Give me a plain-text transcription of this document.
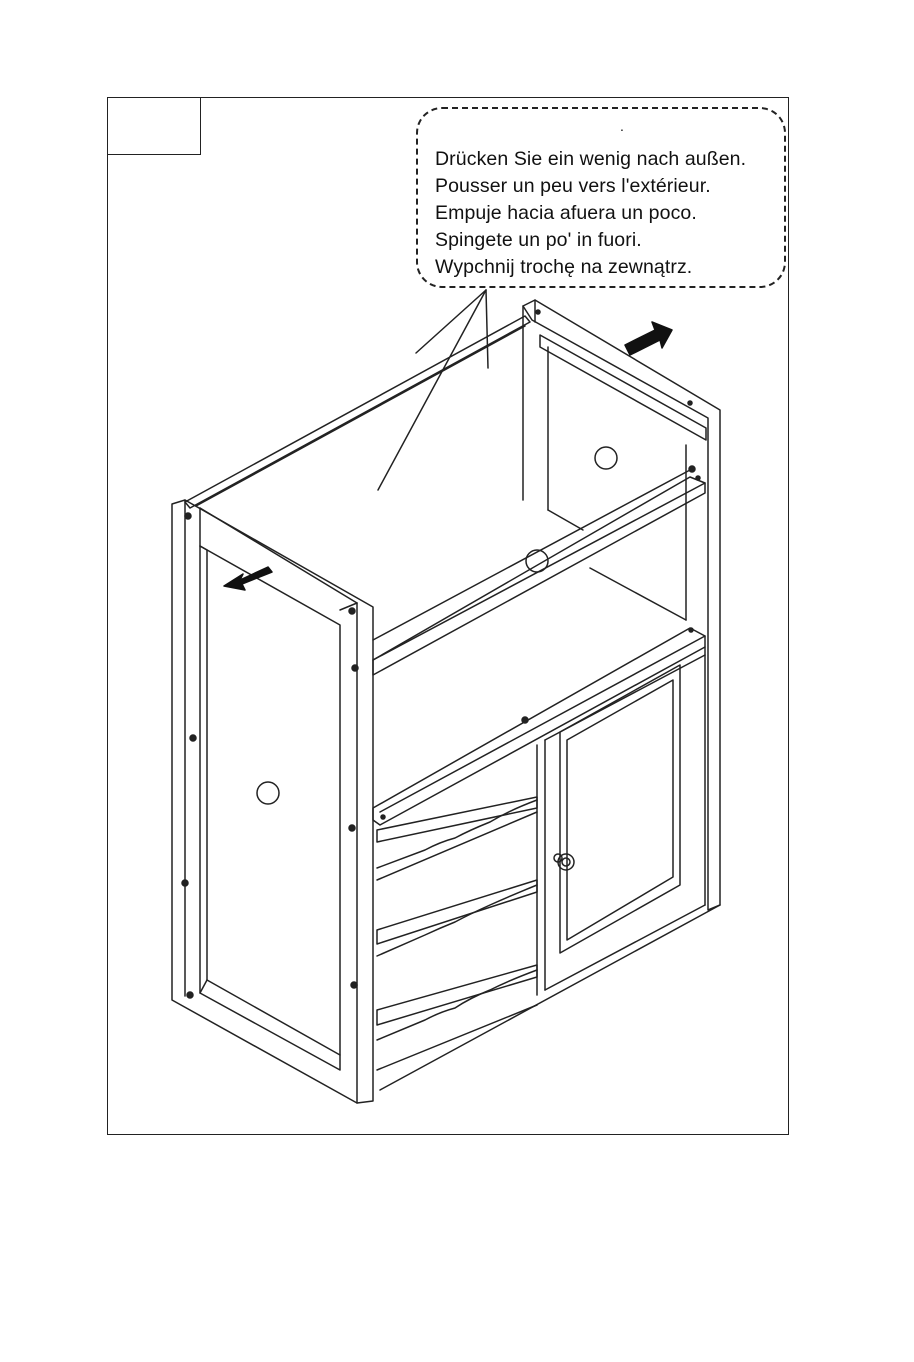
.
Drücken Sie ein wenig nach außen.
Pousser un peu vers l'extérieur.
Empuje hacia afuera un poco.
Spingete un po' in fuori.
Wypchnij trochę na zewnątrz.
